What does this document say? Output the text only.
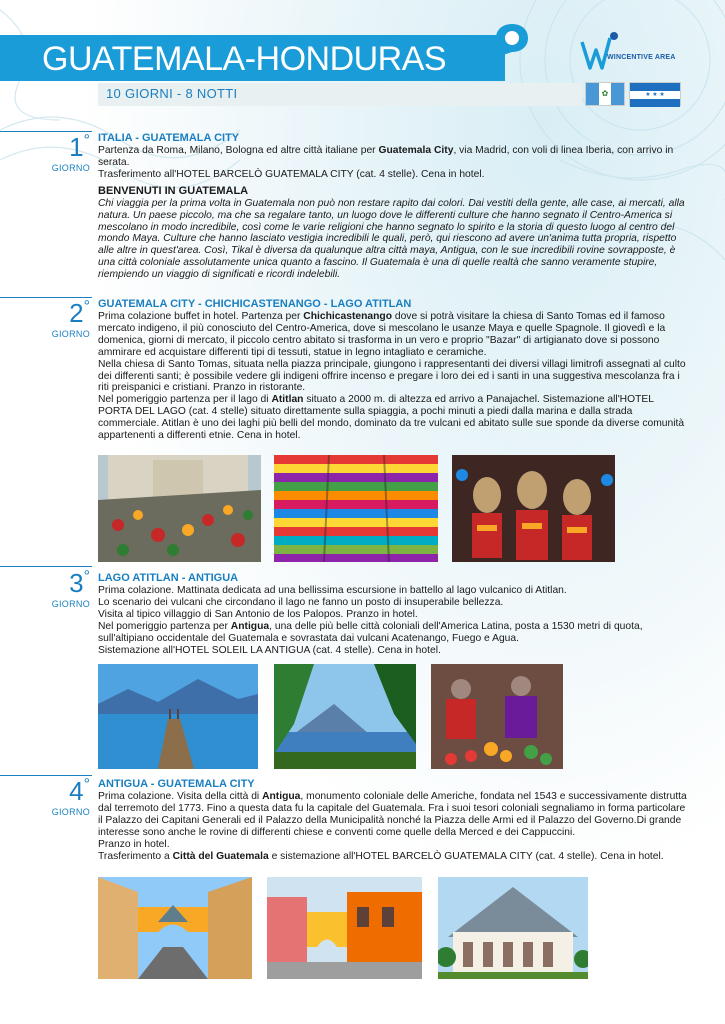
GUATEMALA-HONDURAS	WINCENTIVE AREA
10 GIORNI - 8 NOTTI	✿	★ ★ ★
1°
GIORNO
ITALIA - GUATEMALA CITY

Partenza da Roma, Milano, Bologna ed altre città italiane per Guatemala City, via Madrid, con voli di linea Iberia, con arrivo in serata.

Trasferimento all'HOTEL BARCELÒ GUATEMALA CITY (cat. 4 stelle). Cena in hotel.

BENVENUTI IN GUATEMALA

Chi viaggia per la prima volta in Guatemala non può non restare rapito dai colori. Dai vestiti della gente, alle case, ai mercati, alla natura. Un paese piccolo, ma che sa regalare tanto, un luogo dove le differenti culture che hanno segnato il Centro-America si mescolano in modo incredibile, così come le varie religioni che hanno segnato lo spirito e la storia di questo luogo al centro del mondo Maya. Culture che hanno lasciato vestigia incredibili le quali, però, qui riescono ad avere un'anima tutta propria, rispetto alle altre in quest'area. Così, Tikal è diversa da qualunque altra città maya, Antigua, con le sue incredibili rovine sovrapposte, è una città coloniale assolutamente unica quanto a fascino. Il Guatemala è una di quelle realtà che sanno veramente stupire, riempiendo un viaggio di significati e ricordi indelebili.

2°
GIORNO
GUATEMALA CITY - CHICHICASTENANGO - LAGO ATITLAN

Prima colazione buffet in hotel. Partenza per Chichicastenango dove si potrà visitare la chiesa di Santo Tomas ed il famoso mercato indigeno, il più conosciuto del Centro-America, dove si mescolano le usanze Maya e quelle Spagnole. Il giovedì e la domenica, giorni di mercato, il piccolo centro abitato si trasforma in un vero e proprio "Bazar" di artigianato dove si possono ammirare ed acquistare differenti tipi di tessuti, statue in legno intagliato e ceramiche.

Nella chiesa di Santo Tomas, situata nella piazza principale, giungono i rappresentanti dei diversi villagi limitrofi assegnati al culto dei differenti santi; è possibile vedere gli indigeni offrire incenso e pregare i loro dei ed i santi in una suggestiva mescolanza fra i riti preispanici e cristiani. Pranzo in ristorante.

Nel pomeriggio partenza per il lago di Atitlan situato a 2000 m. di altezza ed arrivo a Panajachel. Sistemazione all'HOTEL PORTA DEL LAGO (cat. 4 stelle) situato direttamente sulla spiaggia, a pochi minuti a piedi dalla marina e dalla strada commerciale. Atitlan è uno dei laghi più belli del mondo, dominato da tre vulcani ed abitato sulle sue sponde da diverse comunità appartenenti a differenti etnie. Cena in hotel.

3°
GIORNO
LAGO ATITLAN - ANTIGUA

Prima colazione. Mattinata dedicata ad una bellissima escursione in battello al lago vulcanico di Atitlan.

Lo scenario dei vulcani che circondano il lago ne fanno un posto di insuperabile bellezza.

Visita al tipico villaggio di San Antonio de los Palopos. Pranzo in hotel.

Nel pomeriggio partenza per Antigua, una delle più belle città coloniali dell'America Latina, posta a 1530 metri di quota, sull'altipiano occidentale del Guatemala e sovrastata dai vulcani Acatenango, Fuego e Agua.

Sistemazione all'HOTEL SOLEIL LA ANTIGUA (cat. 4 stelle). Cena in hotel.

4°
GIORNO
ANTIGUA - GUATEMALA CITY

Prima colazione. Visita della città di Antigua, monumento coloniale delle Americhe, fondata nel 1543 e successivamente distrutta dal terremoto del 1773. Fino a questa data fu la capitale del Guatemala. Fra i suoi tesori coloniali segnaliamo in forma particolare il Palazzo dei Capitani Generali ed il Palazzo della Municipalità nonché la Piazza delle Armi ed il Palazzo del Governo.Di grande interesse sono anche le rovine di differenti chiese e conventi come quelle della Merced e dei Cappuccini.

Pranzo in hotel.

Trasferimento a Città del Guatemala e sistemazione all'HOTEL BARCELÒ GUATEMALA CITY (cat. 4 stelle). Cena in hotel.
